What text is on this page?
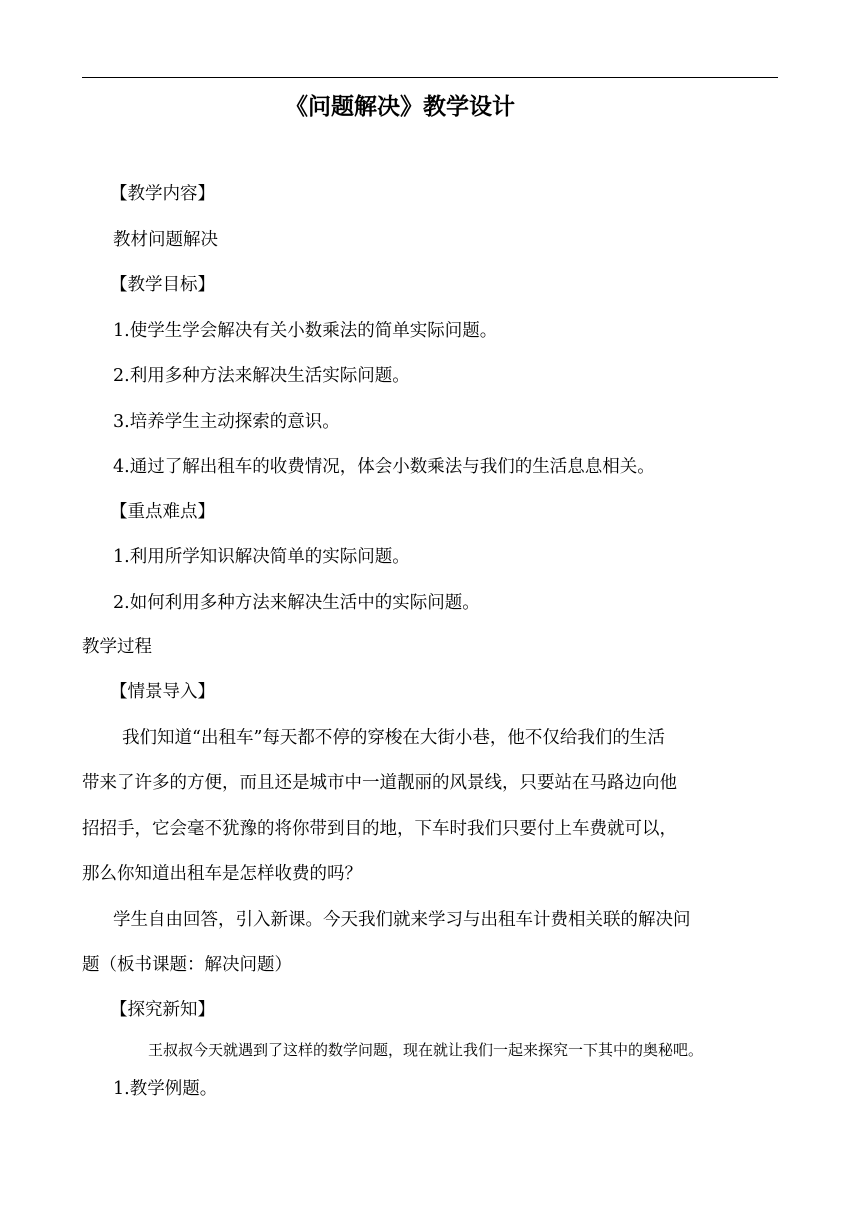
《问题解决》教学设计
【教学内容】
教材问题解决
【教学目标】
1.使学生学会解决有关小数乘法的简单实际问题。
2.利用多种方法来解决生活实际问题。
3.培养学生主动探索的意识。
4.通过了解出租车的收费情况，体会小数乘法与我们的生活息息相关。
【重点难点】
1.利用所学知识解决简单的实际问题。
2.如何利用多种方法来解决生活中的实际问题。
教学过程
【情景导入】
我们知道“出租车”每天都不停的穿梭在大街小巷，他不仅给我们的生活
带来了许多的方便，而且还是城市中一道靓丽的风景线，只要站在马路边向他
招招手，它会毫不犹豫的将你带到目的地，下车时我们只要付上车费就可以，
那么你知道出租车是怎样收费的吗？
学生自由回答，引入新课。今天我们就来学习与出租车计费相关联的解决问
题（板书课题：解决问题）
【探究新知】
王叔叔今天就遇到了这样的数学问题，现在就让我们一起来探究一下其中的奥秘吧。
1.教学例题。
